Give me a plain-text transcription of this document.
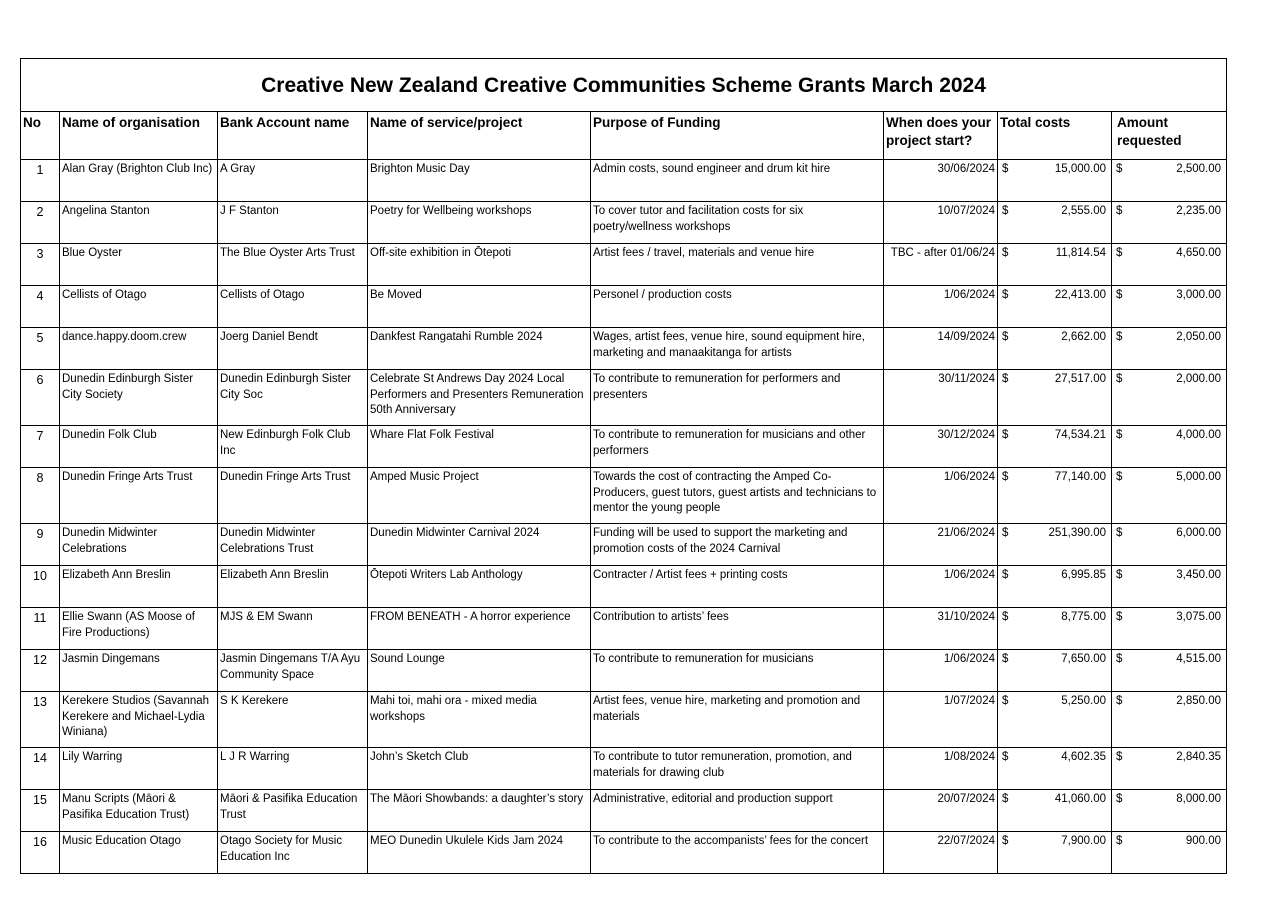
Creative New Zealand Creative Communities Scheme Grants March 2024							
No	Name of organisation	Bank Account name	Name of service/project	Purpose of Funding	When does your project start?	Total costs	Amount requested
1	Alan Gray (Brighton Club Inc)	A Gray	Brighton Music Day	Admin costs, sound engineer and drum kit hire	30/06/2024	$ 15,000.00	$ 2,500.00

2	Angelina Stanton	J F Stanton	Poetry for Wellbeing workshops	To cover tutor and facilitation costs for six poetry/wellness workshops	10/07/2024	$ 2,555.00	$ 2,235.00

3	Blue Oyster	The Blue Oyster Arts Trust	Off-site exhibition in Ōtepoti	Artist fees / travel, materials and venue hire	TBC - after 01/06/24	$ 11,814.54	$ 4,650.00

4	Cellists of Otago	Cellists of Otago	Be Moved	Personel / production costs	1/06/2024	$ 22,413.00	$ 3,000.00

5	dance.happy.doom.crew	Joerg Daniel Bendt	Dankfest Rangatahi Rumble 2024	Wages, artist fees, venue hire, sound equipment hire, marketing and manaakitanga for artists	14/09/2024	$ 2,662.00	$ 2,050.00

6	Dunedin Edinburgh Sister City Society	Dunedin Edinburgh Sister City Soc	Celebrate St Andrews Day 2024 Local Performers and Presenters Remuneration 50th Anniversary	To contribute to remuneration for performers and presenters	30/11/2024	$ 27,517.00	$ 2,000.00

7	Dunedin Folk Club	New Edinburgh Folk Club Inc	Whare Flat Folk Festival	To contribute to remuneration for musicians and other performers	30/12/2024	$ 74,534.21	$ 4,000.00

8	Dunedin Fringe Arts Trust	Dunedin Fringe Arts Trust	Amped Music Project	Towards the cost of contracting the Amped Co-Producers, guest tutors, guest artists and technicians to mentor the young people	1/06/2024	$ 77,140.00	$ 5,000.00

9	Dunedin Midwinter Celebrations	Dunedin Midwinter Celebrations Trust	Dunedin Midwinter Carnival 2024	Funding will be used to support the marketing and promotion costs of the 2024 Carnival	21/06/2024	$ 251,390.00	$ 6,000.00

10	Elizabeth Ann Breslin	Elizabeth Ann Breslin	Ōtepoti Writers Lab Anthology	Contracter / Artist fees + printing costs	1/06/2024	$ 6,995.85	$ 3,450.00

11	Ellie Swann (AS Moose of Fire Productions)	MJS & EM Swann	FROM BENEATH - A horror experience	Contribution to artists’ fees	31/10/2024	$ 8,775.00	$ 3,075.00

12	Jasmin Dingemans	Jasmin Dingemans T/A Ayu Community Space	Sound Lounge	To contribute to remuneration for musicians	1/06/2024	$ 7,650.00	$ 4,515.00

13	Kerekere Studios (Savannah Kerekere and Michael-Lydia Winiana)	S K Kerekere	Mahi toi, mahi ora - mixed media workshops	Artist fees, venue hire, marketing and promotion and materials	1/07/2024	$ 5,250.00	$ 2,850.00

14	Lily Warring	L J R Warring	John’s Sketch Club	To contribute to tutor remuneration, promotion, and materials for drawing club	1/08/2024	$ 4,602.35	$ 2,840.35

15	Manu Scripts (Māori & Pasifika Education Trust)	Māori & Pasifika Education Trust	The Māori Showbands: a daughter’s story	Administrative, editorial and production support	20/07/2024	$ 41,060.00	$ 8,000.00

16	Music Education Otago	Otago Society for Music Education Inc	MEO Dunedin Ukulele Kids Jam 2024	To contribute to the accompanists’ fees for the concert	22/07/2024	$ 7,900.00	$ 900.00
